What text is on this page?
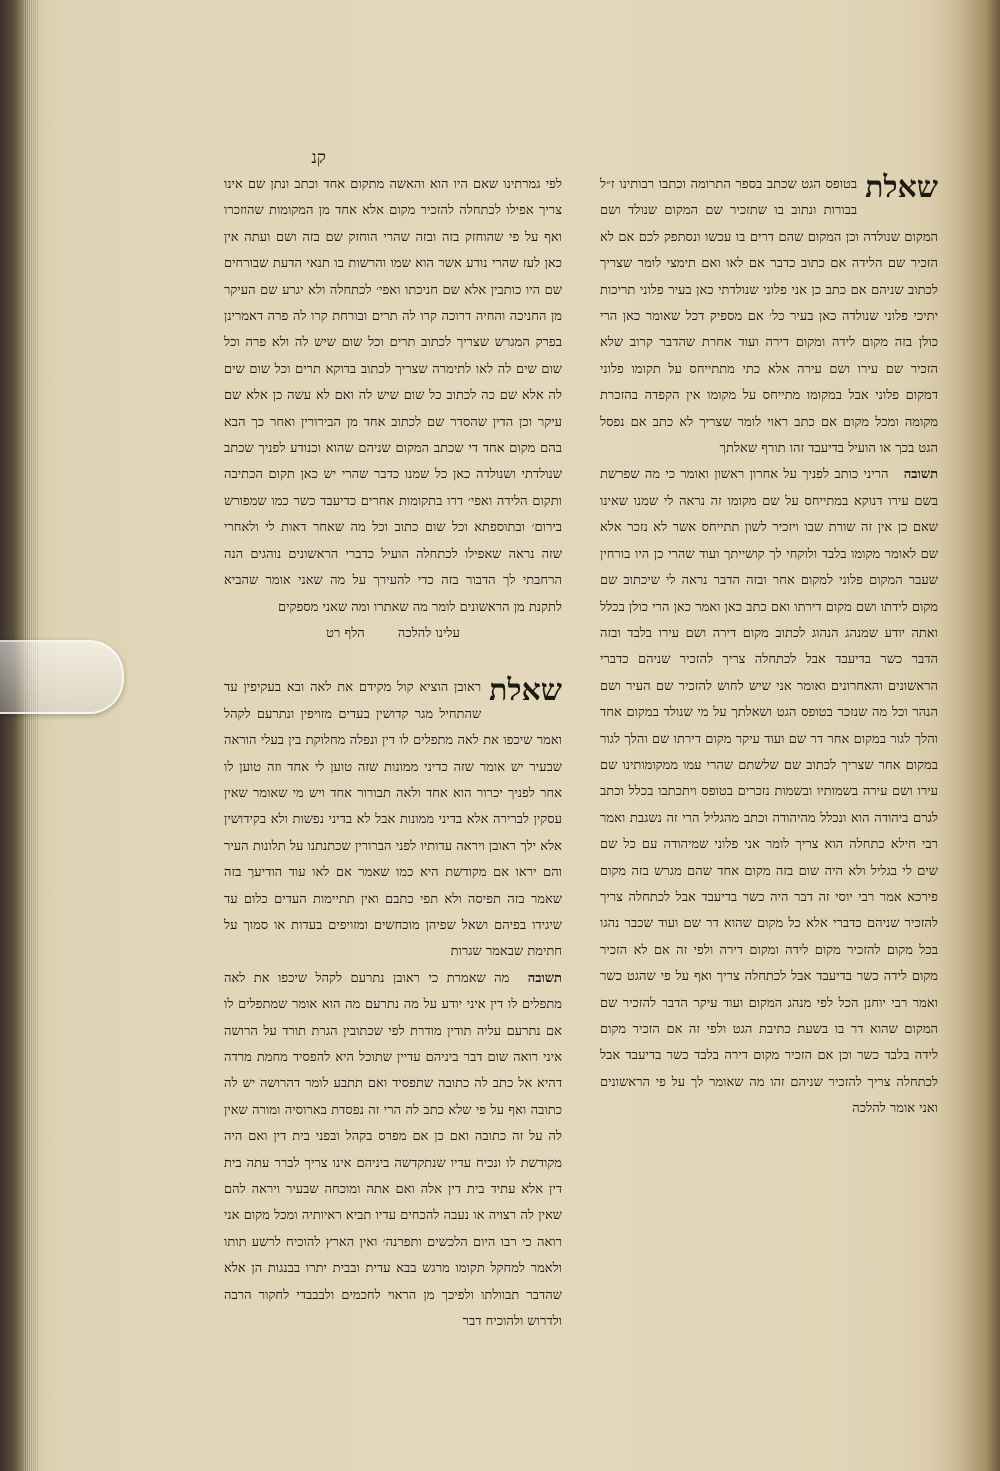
קנ
שאלת

בטופס הגט שכתב בספר התרומה וכתבו רבותינו ז״ל בבורות ונתוב בו שתזכיר שם המקום שנולד ושם המקום שנולדה וכן המקום שהם דרים בו עכשו ונסתפק לכם אם לא הזכיר שם הלידה אם כתוב כדבר אם לאו ואם תימצי לומר שצריך לכתוב שניהם אם כתב כן אני פלוני שנולדתי כאן בעיר פלוני תריכות יתיכי פלוני שנולדה כאן בעיר כל׳ אם מספיק דכל שאומר כאן הרי כולן בזה מקום לידה ומקום דירה ועוד אחרת שהדבר קרוב שלא הזכיר שם עירו ושם עירה אלא כתי מתתייחס על תקומו פלוני דמקום פלוני אבל במקומו מתייחס על מקומו אין הקפדה בהזכרת מקומה ומכל מקום אם כתב ראוי לומר שצריך לא כתב אם נפסל הגט בכך או הועיל בדיעבד זהו תורף שאלתך

תשובה הריני כותב לפניך על אחרון ראשון ואומר כי מה שפרשת בשם עירו דנוקא במתייחס על שם מקומו זה נראה לי שמנו שאינו שאם כן אין זה שורת שבו ויזכיר לשון תתייחס אשר לא נזכר אלא שם לאומר מקומו בלבד ולוקחי לך קושייתך ועוד שהרי כן היו בורחין שעבר המקום פלוני למקום אחר ובזה הדבר נראה לי שיכתוב שם מקום לידתו ושם מקום דירתו ואם כתב כאן ואמר כאן הרי כולן בכלל ואתה יודע שמנהג הנהוג לכתוב מקום דירה ושם עירו בלבד ובזה הדבר כשר בדיעבד אבל לכתחלה צריך להזכיר שניהם כדברי הראשונים והאחרונים ואומר אני שיש לחוש להזכיר שם העיר ושם הנהר וכל מה שנזכר בטופס הגט ושאלתך על מי שנולד במקום אחד והלך לגור במקום אחר דר שם ועוד עיקר מקום דירתו שם והלך לגור במקום אחר שצריך לכתוב שם שלשתם שהרי עמו ממקומותינו שם עירו ושם עירה בשמותיו ובשמות נזכרים בטופס ויתכתבו בכלל וכתב לגרם ביהודה הוא ונכלל מהיהודה וכתב מהגליל הרי זה נשגבת ואמר רבי חילא כתחלה הוא צריך לומר אני פלוני שמיהודה עם כל שם שים לי בגליל ולא היה שום בזה מקום אחד שהם מגרש בזה מקום פירכא אמר רבי יוסי זה דבר היה כשר בדיעבד אבל לכתחלה צריך להזכיר שניהם כדברי אלא כל מקום שהוא דר שם ועוד שכבר נהגו בכל מקום להזכיר מקום לידה ומקום דירה ולפי זה אם לא הזכיר מקום לידה כשר בדיעבד אבל לכתחלה צריך ואף על פי שהגט כשר ואמר רבי יוחנן הכל לפי מנהג המקום ועוד עיקר הדבר להזכיר שם המקום שהוא דר בו בשעת כתיבת הגט ולפי זה אם הזכיר מקום לידה בלבד כשר וכן אם הזכיר מקום דירה בלבד כשר בדיעבד אבל לכתחלה צריך להזכיר שניהם זהו מה שאומר לך על פי הראשונים ואני אומר להלכה

לפי גמרתינו שאם היו הוא והאשה מתקום אחד וכתב ונתן שם אינו צריך אפילו לכתחלה להזכיר מקום אלא אחד מן המקומות שהוזכרו ואף על פי שהוחזק בזה ובזה שהרי הוחזק שם בזה ושם ועתה אין כאן לעז שהרי נודע אשר הוא שמו והרשות בו תנאי הדעת שבורחים שם היו כותבין אלא שם חניכתו ואפי׳ לכתחלה ולא יגרע שם העיקר מן החניכה והחיה דרוכה קרו לה תרים ובורחת קרו לה פרה דאמרינן בפרק המגרש שצריך לכתוב תרים וכל שום שיש לה ולא פרה וכל שום שים לה לאו לתימרה שצריך לכתוב בדוקא תרים וכל שום שים לה אלא שם כה לכתוב כל שום שיש לה ואם לא עשה כן אלא שם עיקר וכן הדין שהסדר שם לכתוב אחד מן הבירורין ואחר כך הבא בהם מקום אחד די שכתב המקום שניהם שהוא וכנודע לפניך שכתב שנולדתי ושנולדה כאן כל שמנו כדבר שהרי יש כאן תקום הכתיבה ותקום הלידה ואפי׳ דרו בתקומות אחרים כדיעבד כשר כמו שמפורש בירום׳ ובתוספתא וכל שום כתוב וכל מה שאחר דאות לי ולאחרי שזה נראה שאפילו לכתחלה הועיל כדברי הראשונים נוהגים הנה הרחבתי לך הדבור בזה כדי להעירך על מה שאני אומר שהביא לתקנת מן הראשונים לומר מה שאתרו ומה שאני מספקים

עלינו להלכה        הלף רט

שאלת

ראובן הוציא קול מקידם את לאה ובא בעקיפין עד שהתחיל מגר קדושין בעדים מזויפין ונתרעם לקהל ואמר שיכפו את לאה מתפלים לו דין ונפלה מחלוקת בין בעלי הוראה שבעיר יש אומר שזה כדיני ממונות שזה טוען לי אחד וזה טוען לו אחר לפניך יכרור הוא אחד ולאה תבורור אחד ויש מי שאומר שאין עסקין לברירה אלא בדיני ממונות אבל לא בדיני נפשות ולא בקידושין אלא ילך ראובן ויראה עדותיו לפני הברורין שכתנתנו על תלונות העיר והם יראו אם מקודשת היא כמו שאמר אם לאו עוד הודיעך בזה שאמר בזה תפיסה ולא תפי כתבם ואין תתיימות העדים כלום עד שיגידו בפיהם ושאל שפיהן מוכחשים ומזויפים בעדות או סמוך על חתימת שבאמר שגרות

תשובה מה שאמרת כי ראובן נתרעם לקהל שיכפו את לאה מתפלים לו דין איני יודע על מה נתרעם מה הוא אומר שמתפלים לו אם נתרעם עליה תודין מודרת לפי שכתובין הגרת תורד על הרושה איני רואה שום דבר ביניהם עדיין שתוכל היא להפסיד מחמת מרדה דהיא אל כתב לה כתובה שתפסיד ואם תתבע לומר דהרושה יש לה כתובה ואף על פי שלא כתב לה הרי זה נפסדת בארוסיה ומורה שאין לה על זה כתובה ואם כן אם מפרס בקהל ובפני בית דין ואם היה מקודשת לו ונכיח עדיו שנתקדשה ביניהם אינו צריך לברר עתה בית דין אלא עתיד בית דין אלה ואם אתה ומוכחה שבעיר ויראה להם שאין לה רצויה או נעבה להכחים עדיו תביא ראיותיה ומכל מקום אני רואה כי רבו היום הלכשים ותפרנה׳ ואין הארץ להוכיח לרשע תותו ולאמר למחקל תקומו מרגש בבא עדית ובבית יתרו בבנגות הן אלא שהדבר תבוולתו ולפיכך מן הראוי לחכמים ולבבבדי לחקור הרבה ולדרוש ולהוכיח דבר
